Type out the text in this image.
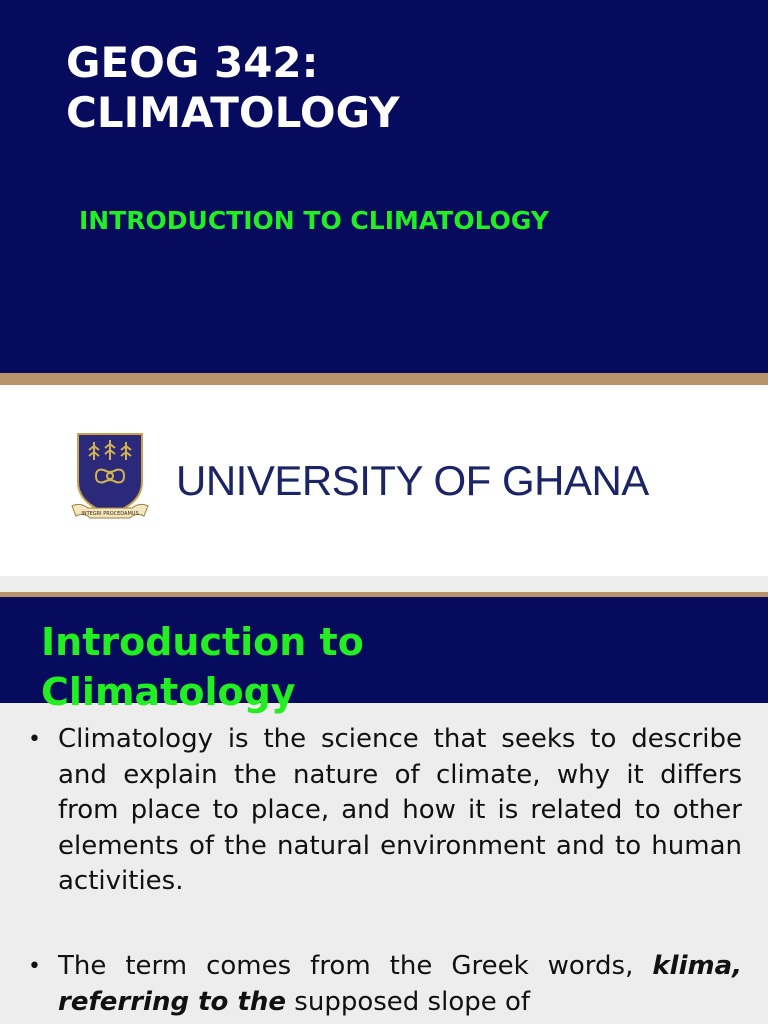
GEOG 342:
CLIMATOLOGY
INTRODUCTION TO CLIMATOLOGY
INTEGRI PROCEDAMUS
UNIVERSITY OF GHANA
Introduction to
Climatology
• Climatology is the science that seeks to describe and explain the nature of climate, why it differs from place to place, and how it is related to other elements of the natural environment and to human activities.
• The term comes from the Greek words, klima, referring to the supposed slope of
